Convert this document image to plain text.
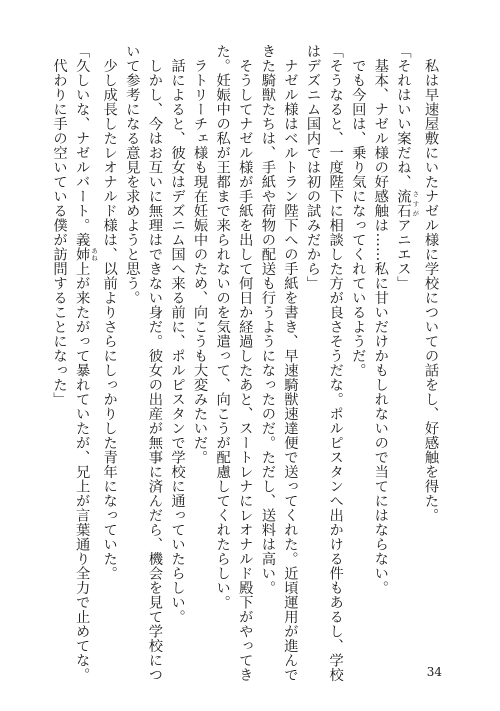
　私は早速屋敷にいたナゼル様に学校についての話をし、好感触を得た。

「それはいい案だね、流石 さすがアニエス」

　基本、ナゼル様の好感触は……私に甘いだけかもしれないので当てにはならない。

　でも今回は、乗り気になってくれているようだ。

「そうなると、一度陛下に相談した方が良さそうだな。ポルピスタンへ出かける件もあるし、学校

はデズニム国内では初の試みだから」

　ナゼル様はベルトラン陛下への手紙を書き、早速騎獣速達便で送ってくれた。近頃運用が進んで

きた騎獣たちは、手紙や荷物の配送も行うようになったのだ。ただし、送料は高い。

　そうしてナゼル様が手紙を出して何日か経過したあと、スートレナにレオナルド殿下がやってき

た。妊娠中の私が王都まで来られないのを気遣って、向こうが配慮してくれたらしい。

　ラトリーチェ様も現在妊娠中のため、向こうも大変みたいだ。

　話によると、彼女はデズニム国へ来る前に、ポルピスタンで学校に通っていたらしい。

　しかし、今はお互いに無理はできない身だ。彼女の出産が無事に済んだら、機会を見て学校につ

いて参考になる意見を求めようと思う。

　少し成長したレオナルド様は、以前よりさらにしっかりした青年になっていた。

「久しいな、ナゼルバート。義姉 あね上が来たがって暴れていたが、兄上が言葉通り全力で止めてな。

　代わりに手の空いている僕が訪問することになった」

34
